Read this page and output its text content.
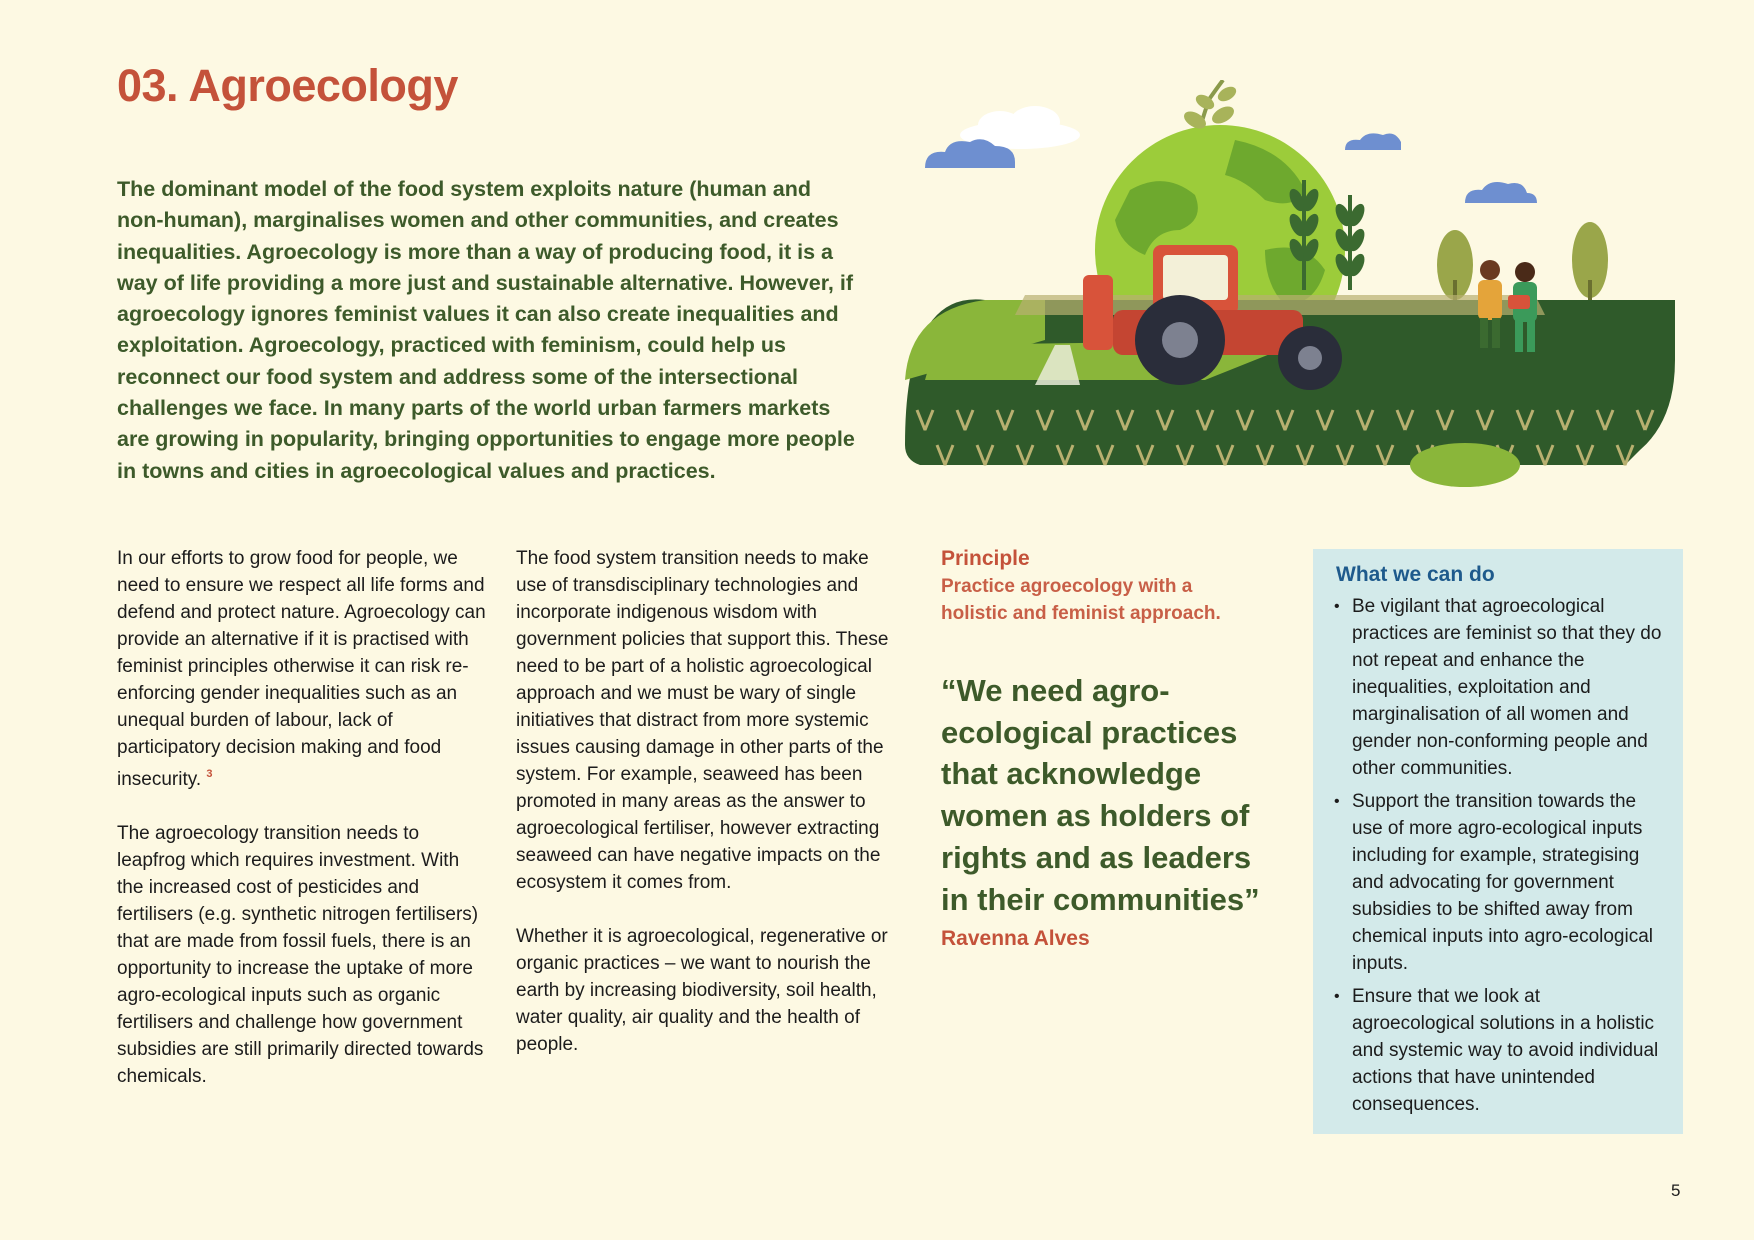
03. Agroecology

The dominant model of the food system exploits nature (human and non-human), marginalises women and other communities, and creates inequalities. Agroecology is more than a way of producing food, it is a way of life providing a more just and sustainable alternative. However, if agroecology ignores feminist values it can also create inequalities and exploitation. Agroecology, practiced with feminism, could help us reconnect our food system and address some of the intersectional challenges we face. In many parts of the world urban farmers markets are growing in popularity, bringing opportunities to engage more people in towns and cities in agroecological values and practices.

In our efforts to grow food for people, we need to ensure we respect all life forms and defend and protect nature. Agroecology can provide an alternative if it is practised with feminist principles otherwise it can risk re-enforcing gender inequalities such as an unequal burden of labour, lack of participatory decision making and food insecurity. $^3$

The agroecology transition needs to leapfrog which requires investment. With the increased cost of pesticides and fertilisers (e.g. synthetic nitrogen fertilisers) that are made from fossil fuels, there is an opportunity to increase the uptake of more agro-ecological inputs such as organic fertilisers and challenge how government subsidies are still primarily directed towards chemicals.

The food system transition needs to make use of transdisciplinary technologies and incorporate indigenous wisdom with government policies that support this. These need to be part of a holistic agroecological approach and we must be wary of single initiatives that distract from more systemic issues causing damage in other parts of the system. For example, seaweed has been promoted in many areas as the answer to agroecological fertiliser, however extracting seaweed can have negative impacts on the ecosystem it comes from.

Whether it is agroecological, regenerative or organic practices – we want to nourish the earth by increasing biodiversity, soil health, water quality, air quality and the health of people.

Principle
Practice agroecology with a holistic and feminist approach.

“We need agro-ecological practices that acknowledge women as holders of rights and as leaders in their communities”

Ravenna Alves
What we can do
• Be vigilant that agroecological practices are feminist so that they do not repeat and enhance the inequalities, exploitation and marginalisation of all women and gender non-conforming people and other communities.
• Support the transition towards the use of more agro-ecological inputs including for example, strategising and advocating for government subsidies to be shifted away from chemical inputs into agro-ecological inputs.
• Ensure that we look at agroecological solutions in a holistic and systemic way to avoid individual actions that have unintended consequences.
5
